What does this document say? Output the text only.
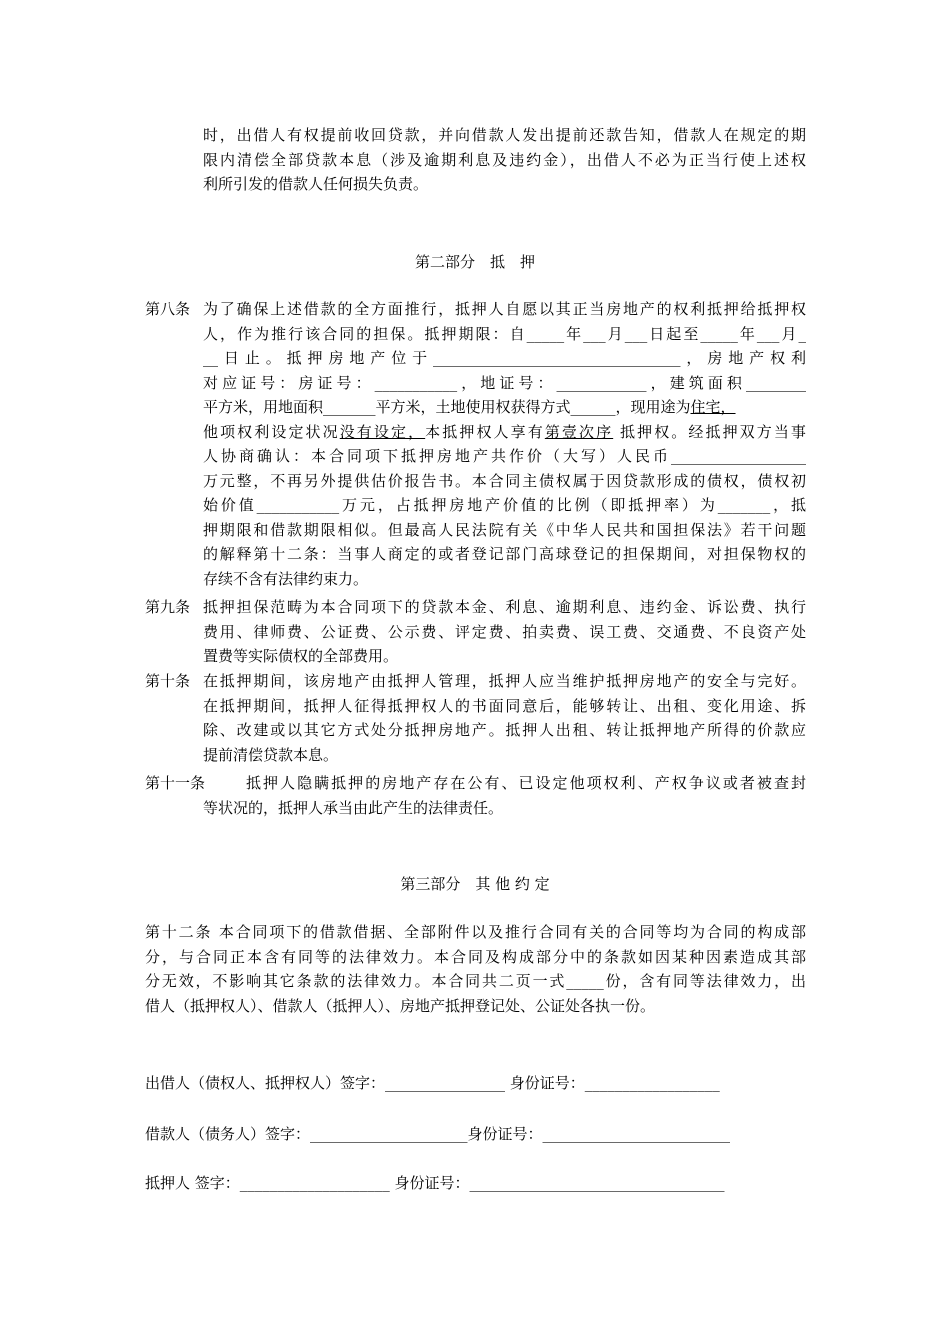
时，出借人有权提前收回贷款，并向借款人发出提前还款告知，借款人在规定的期
限内清偿全部贷款本息（涉及逾期利息及违约金），出借人不必为正当行使上述权
利所引发的借款人任何损失负责。
第二部分　抵　押
第八条 为了确保上述借款的全方面推行，抵押人自愿以其正当房地产的权利抵押给抵押权
人，作为推行该合同的担保。抵押期限：自_____年___月___日起至_____年___月_
__日止。抵押房地产位于_________________________________，房地产权利
对应证号：房证号：___________，地证号：____________，建筑面积________
平方米，用地面积_______平方米，土地使用权获得方式______，现用途为住宅，
他项权利设定状况没有设定，本抵押权人享有第壹次序 抵押权。经抵押双方当事
人协商确认：本合同项下抵押房地产共作价（大写）人民币__________________
万元整，不再另外提供估价报告书。本合同主债权属于因贷款形成的债权，债权初
始价值___________万元，占抵押房地产价值的比例（即抵押率）为_______，抵
押期限和借款期限相似。但最高人民法院有关《中华人民共和国担保法》若干问题
的解释第十二条：当事人商定的或者登记部门高球登记的担保期间，对担保物权的
存续不含有法律约束力。
第九条 抵押担保范畴为本合同项下的贷款本金、利息、逾期利息、违约金、诉讼费、执行
费用、律师费、公证费、公示费、评定费、拍卖费、误工费、交通费、不良资产处
置费等实际债权的全部费用。
第十条 在抵押期间，该房地产由抵押人管理，抵押人应当维护抵押房地产的安全与完好。
在抵押期间，抵押人征得抵押权人的书面同意后，能够转让、出租、变化用途、拆
除、改建或以其它方式处分抵押房地产。抵押人出租、转让抵押地产所得的价款应
提前清偿贷款本息。
第十一条	抵押人隐瞒抵押的房地产存在公有、已设定他项权利、产权争议或者被查封
等状况的，抵押人承当由此产生的法律责任。
第三部分　其 他 约 定
第十二条 本合同项下的借款借据、全部附件以及推行合同有关的合同等均为合同的构成部
分，与合同正本含有同等的法律效力。本合同及构成部分中的条款如因某种因素造成其部
分无效，不影响其它条款的法律效力。本合同共二页一式_____份，含有同等法律效力，出
借人（抵押权人）、借款人（抵押人）、房地产抵押登记处、公证处各执一份。
出借人（债权人、抵押权人）签字：________________ 身份证号：__________________
借款人（债务人）签字：_____________________身份证号：_________________________
抵押人 签字：____________________ 身份证号：__________________________________
